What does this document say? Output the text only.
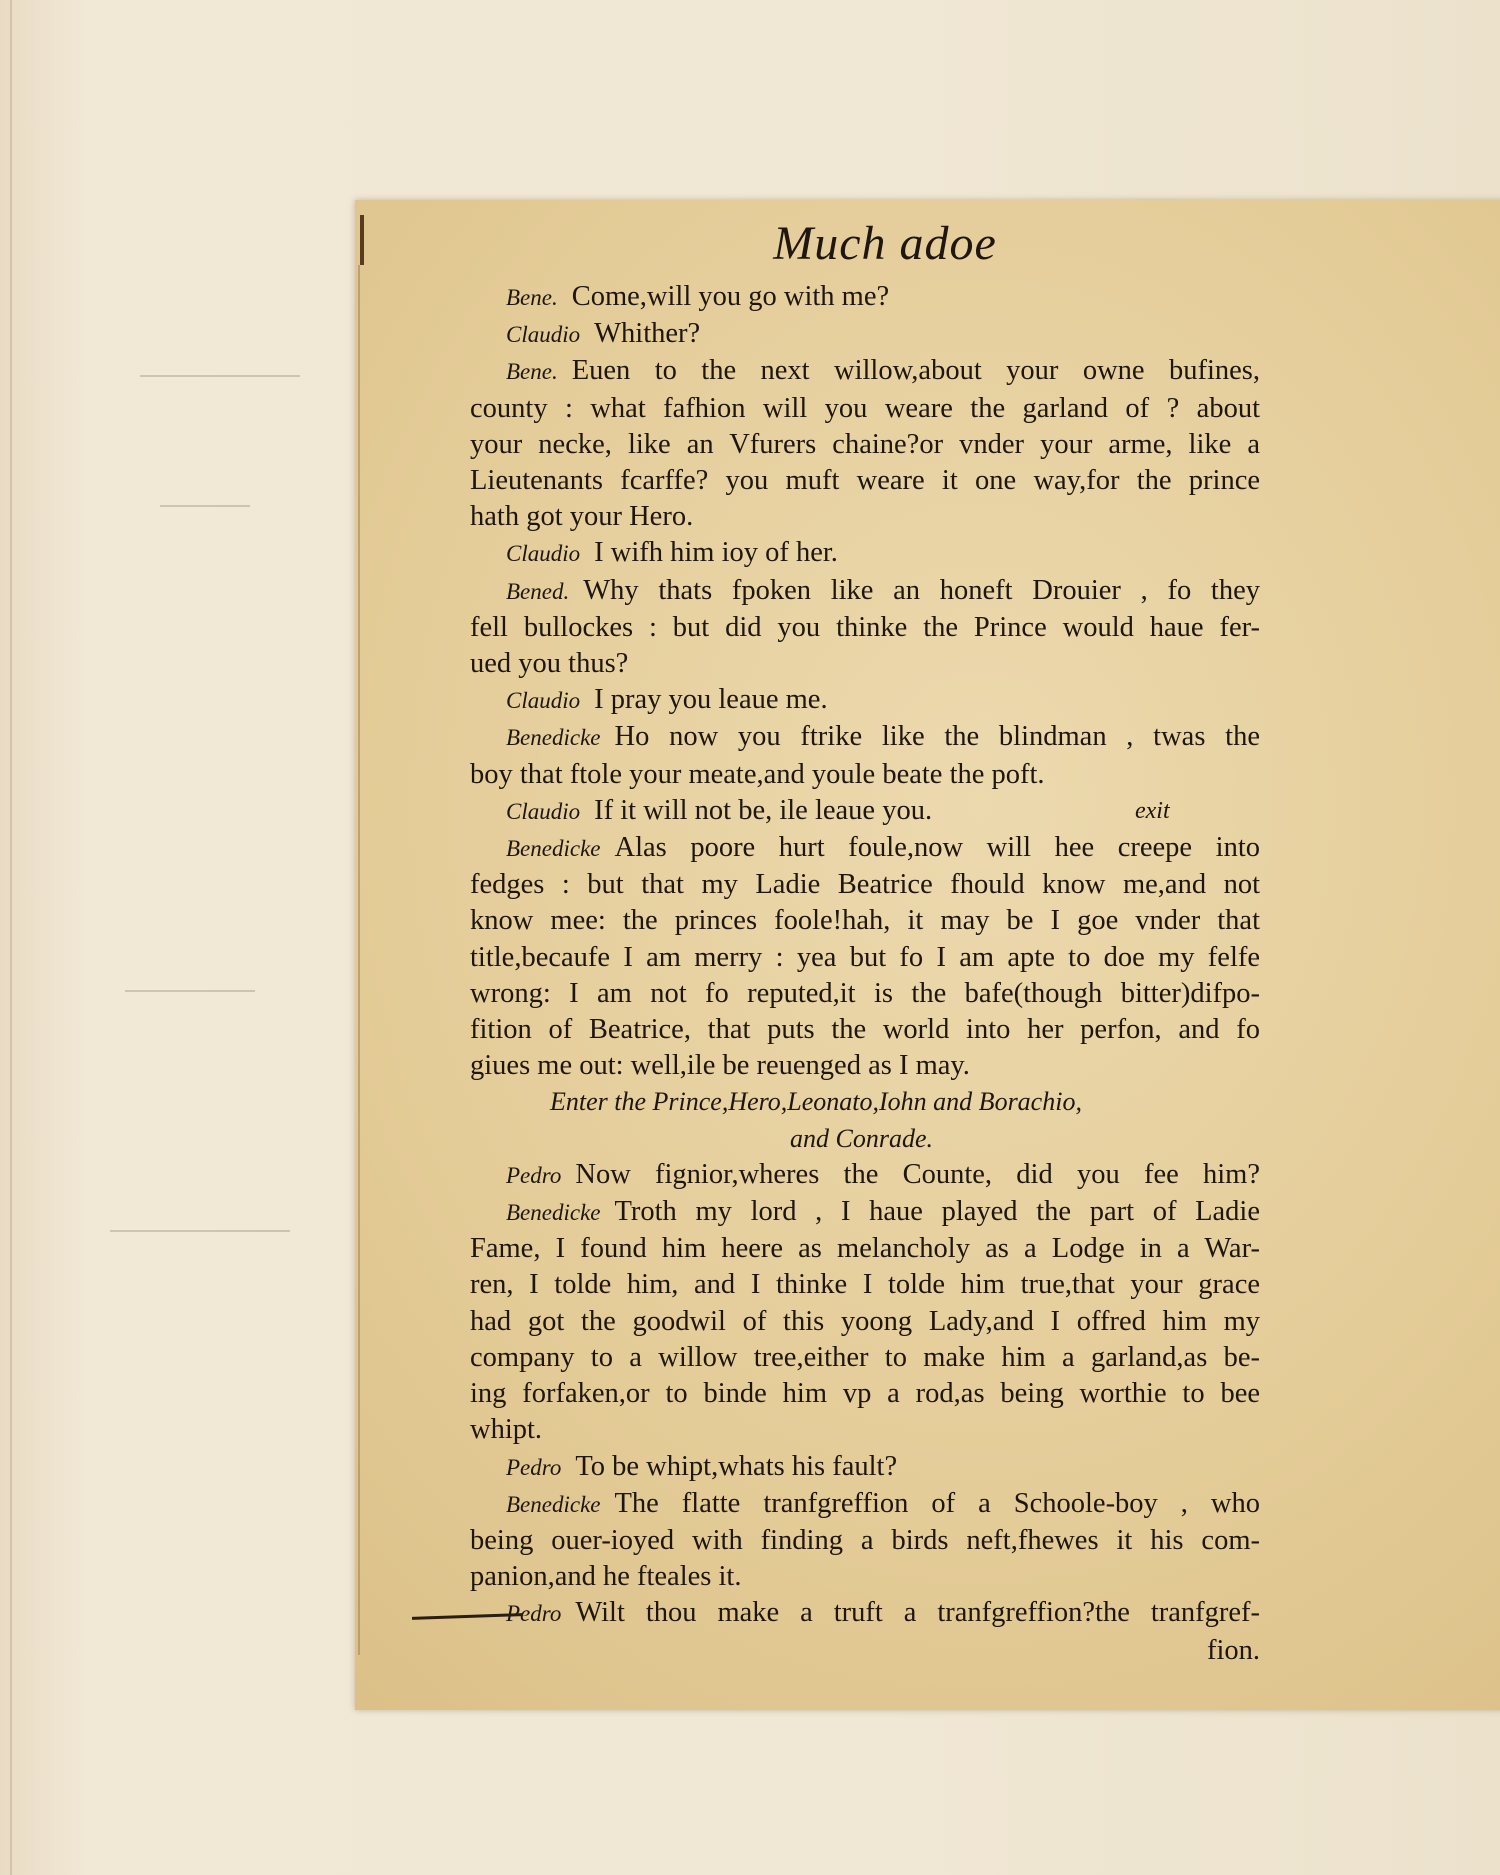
Much adoe
Bene. Come,will you go with me?
Claudio Whither?
Bene. Euen to the next willow,about your owne bufines,
county : what fafhion will you weare the garland of ? about
your necke, like an Vfurers chaine?or vnder your arme, like a
Lieutenants fcarffe? you muft weare it one way,for the prince
hath got your Hero.
Claudio I wifh him ioy of her.
Bened. Why thats fpoken like an honeft Drouier , fo they
fell bullockes : but did you thinke the Prince would haue fer-
ued you thus?
Claudio I pray you leaue me.
Benedicke Ho now you ftrike like the blindman , twas the
boy that ftole your meate,and youle beate the poft.
Claudio If it will not be, ile leaue you.	exit
Benedicke Alas poore hurt foule,now will hee creepe into
fedges : but that my Ladie Beatrice fhould know me,and not
know mee: the princes foole!hah, it may be I goe vnder that
title,becaufe I am merry : yea but fo I am apte to doe my felfe
wrong: I am not fo reputed,it is the bafe(though bitter)difpo-
fition of Beatrice, that puts the world into her perfon, and fo
giues me out: well,ile be reuenged as I may.
Enter the Prince,Hero,Leonato,Iohn and Borachio,
and Conrade.
Pedro Now fignior,wheres the Counte, did you fee him?
Benedicke Troth my lord , I haue played the part of Ladie
Fame, I found him heere as melancholy as a Lodge in a War-
ren, I tolde him, and I thinke I tolde him true,that your grace
had got the goodwil of this yoong Lady,and I offred him my
company to a willow tree,either to make him a garland,as be-
ing forfaken,or to binde him vp a rod,as being worthie to bee
whipt.
Pedro To be whipt,whats his fault?
Benedicke The flatte tranfgreffion of a Schoole-boy , who
being ouer-ioyed with finding a birds neft,fhewes it his com-
panion,and he fteales it.
Pedro Wilt thou make a truft a tranfgreffion?the tranfgref-
fion.
